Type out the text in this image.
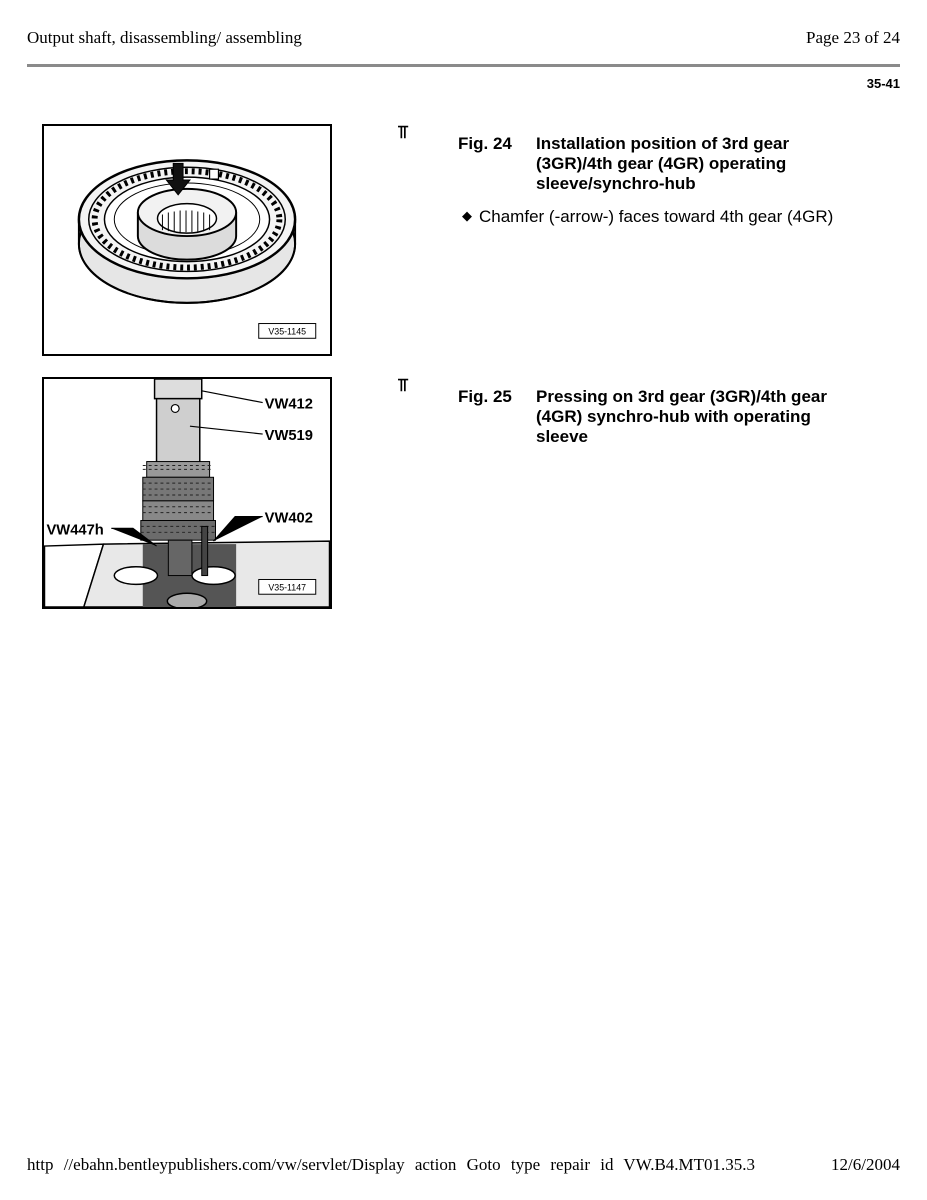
Output shaft, disassembling/ assembling	Page 23 of 24
35-41
V35-1145
VW412
VW519
VW402
VW447h
V35-1147
⫪
⫪
Fig. 24 Installation position of 3rd gear (3GR)/4th gear (4GR) operating sleeve/synchro-hub
◆ Chamfer (-arrow-) faces toward 4th gear (4GR)
Fig. 25 Pressing on 3rd gear (3GR)/4th gear (4GR) synchro-hub with operating sleeve
http //ebahn.bentleypublishers.com/vw/servlet/Display action Goto type repair id VW.B4.MT01.35.3	12/6/2004
